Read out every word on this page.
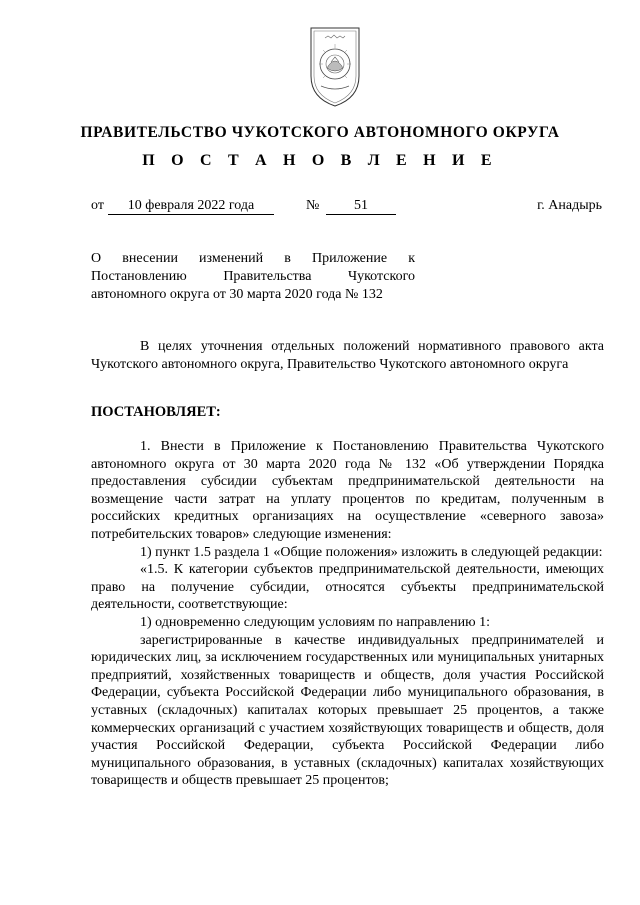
ПРАВИТЕЛЬСТВО ЧУКОТСКОГО АВТОНОМНОГО ОКРУГА
П О С Т А Н О В Л Е Н И Е
от	10 февраля 2022 года	№	51	г. Анадырь
О внесении изменений в Приложение к
Постановлению Правительства Чукотского
автономного округа от 30 марта 2020 года № 132

В целях уточнения отдельных положений нормативного правового акта Чукотского автономного округа, Правительство Чукотского автономного округа

ПОСТАНОВЛЯЕТ:

1. Внести в Приложение к Постановлению Правительства Чукотского автономного округа от 30 марта 2020 года № 132 «Об утверждении Порядка предоставления субсидии субъектам предпринимательской деятельности на возмещение части затрат на уплату процентов по кредитам, полученным в российских кредитных организациях на осуществление «северного завоза» потребительских товаров» следующие изменения:

1) пункт 1.5 раздела 1 «Общие положения» изложить в следующей редакции:

«1.5. К категории субъектов предпринимательской деятельности, имеющих право на получение субсидии, относятся субъекты предпринимательской деятельности, соответствующие:

1) одновременно следующим условиям по направлению 1:

зарегистрированные в качестве индивидуальных предпринимателей и юридических лиц, за исключением государственных или муниципальных унитарных предприятий, хозяйственных товариществ и обществ, доля участия Российской Федерации, субъекта Российской Федерации либо муниципального образования, в уставных (складочных) капиталах которых превышает 25 процентов, а также коммерческих организаций с участием хозяйствующих товариществ и обществ, доля участия Российской Федерации, субъекта Российской Федерации либо муниципального образования, в уставных (складочных) капиталах хозяйствующих товариществ и обществ превышает 25 процентов;
